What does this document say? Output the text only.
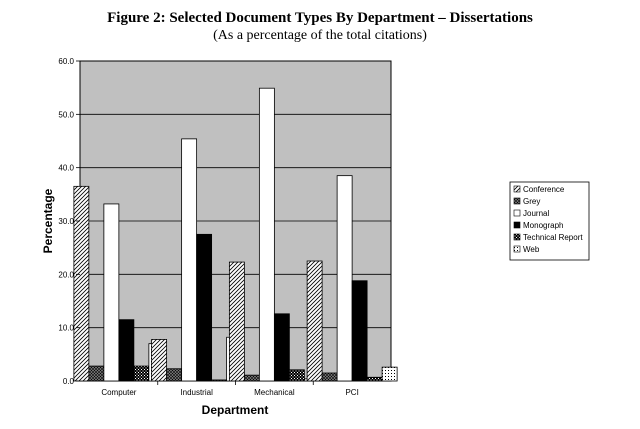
Figure 2: Selected Document Types By Department – Dissertations
(As a percentage of the total citations)
0.0
10.0
20.0
30.0
40.0
50.0
60.0
Computer	Industrial	Mechanical	PCI
Department
Percentage	Conference
Grey
Journal
Monograph
Technical Report
Web
